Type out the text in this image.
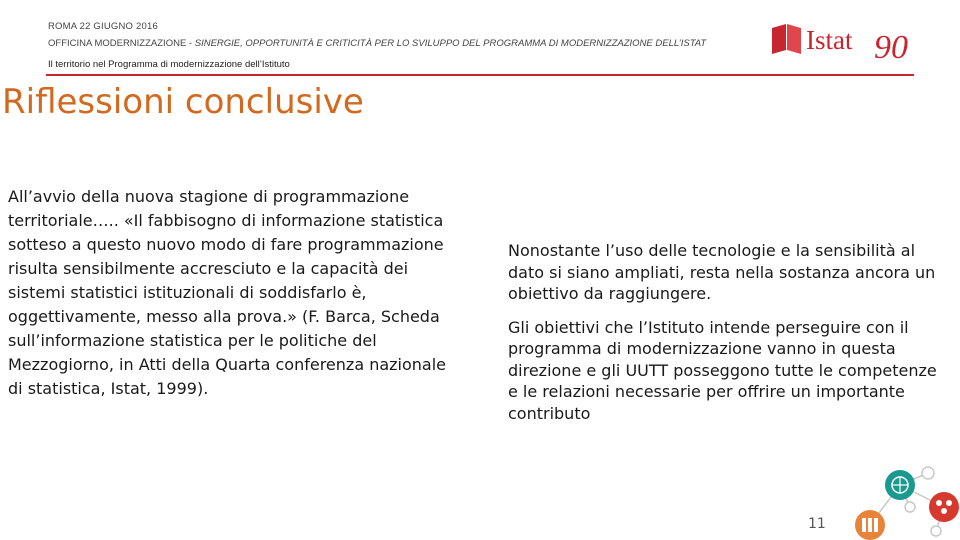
ROMA 22 GIUGNO 2016
OFFICINA MODERNIZZAZIONE - SINERGIE, OPPORTUNITÀ E CRITICITÀ PER LO SVILUPPO DEL PROGRAMMA DI MODERNIZZAZIONE DELL’ISTAT
Il territorio nel Programma di modernizzazione dell’Istituto
Istat 90
Riflessioni conclusive
All’avvio della nuova stagione di programmazione territoriale….. «Il fabbisogno di informazione statistica sotteso a questo nuovo modo di fare programmazione risulta sensibilmente accresciuto e la capacità dei sistemi statistici istituzionali di soddisfarlo è, oggettivamente, messo alla prova.» (F. Barca, Scheda sull’informazione statistica per le politiche del Mezzogiorno, in Atti della Quarta conferenza nazionale di statistica, Istat, 1999).

Nonostante l’uso delle tecnologie e la sensibilità al dato si siano ampliati, resta nella sostanza ancora un obiettivo da raggiungere.

Gli obiettivi che l’Istituto intende perseguire con il programma di modernizzazione vanno in questa direzione e gli UUTT posseggono tutte le competenze e le relazioni necessarie per offrire un importante contributo

11
